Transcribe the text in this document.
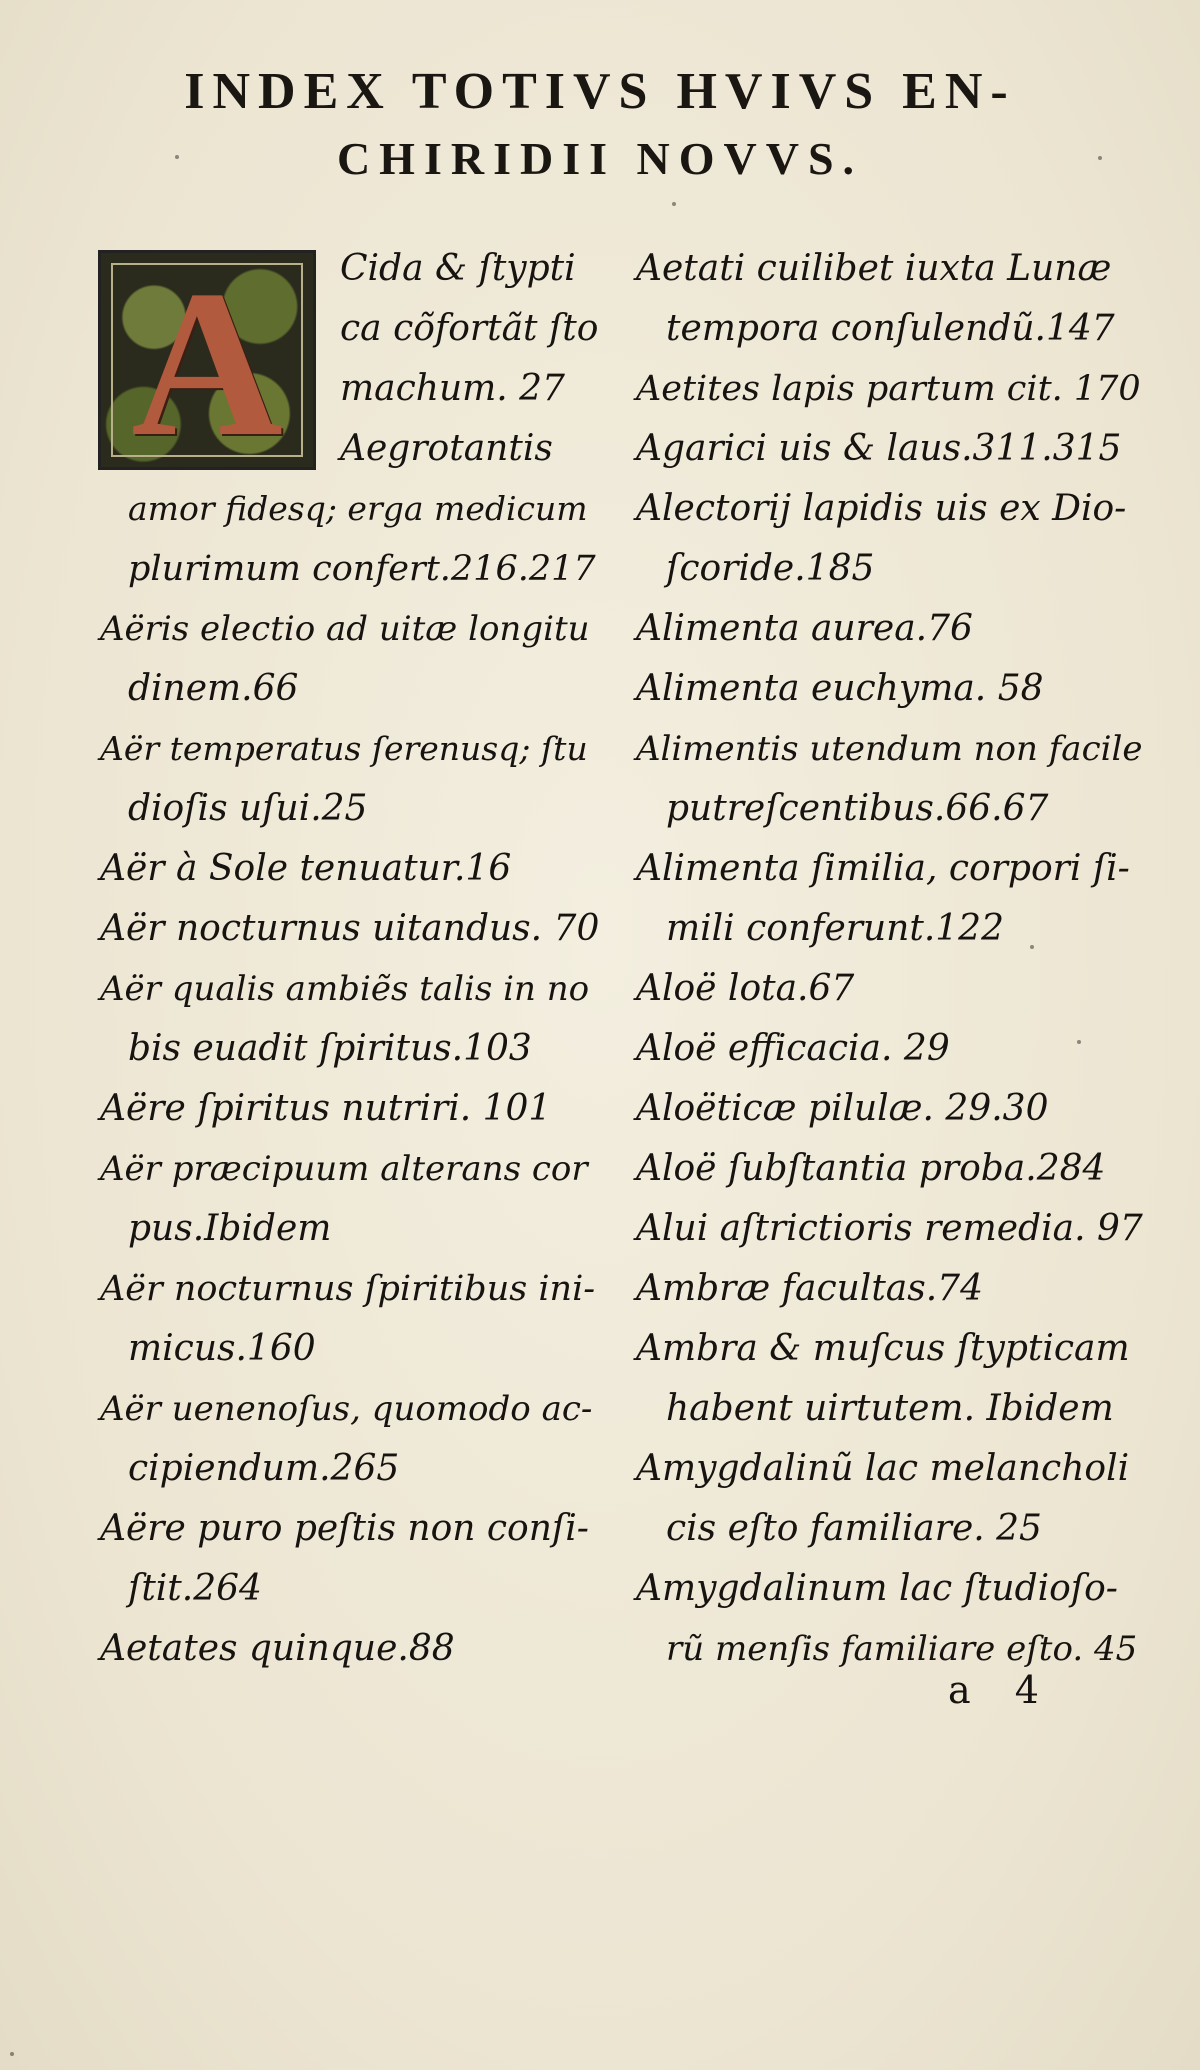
INDEX TOTIVS HVIVS EN-
CHIRIDII NOVVS.
A	Cida & ſtypti
ca cõfortãt ſto
machum. 27
Aegrotantis
amor fidesq; erga medicum
plurimum confert.216.217
Aëris electio ad uitæ longitu
dinem.66
Aër temperatus ſerenusq; ſtu
dioſis uſui.25
Aër à Sole tenuatur.16
Aër nocturnus uitandus. 70
Aër qualis ambiẽs talis in no
bis euadit ſpiritus.103
Aëre ſpiritus nutriri. 101
Aër præcipuum alterans cor
pus.Ibidem
Aër nocturnus ſpiritibus ini-
micus.160
Aër uenenoſus, quomodo ac-
cipiendum.265
Aëre puro peſtis non conſi-
ſtit.264
Aetates quinque.88
Aetati cuilibet iuxta Lunæ
tempora conſulendũ.147
Aetites lapis partum cit. 170
Agarici uis & laus.311.315
Alectorij lapidis uis ex Dio-
ſcoride.185
Alimenta aurea.76
Alimenta euchyma. 58
Alimentis utendum non facile
putreſcentibus.66.67
Alimenta ſimilia, corpori ſi-
mili conferunt.122
Aloë lota.67
Aloë efficacia. 29
Aloëticæ pilulæ. 29.30
Aloë ſubſtantia proba.284
Alui aſtrictioris remedia. 97
Ambræ facultas.74
Ambra & muſcus ſtypticam
habent uirtutem. Ibidem
Amygdalinũ lac melancholi
cis eſto familiare. 25
Amygdalinum lac ſtudioſo-
rũ menſis familiare eſto. 45
a 4
